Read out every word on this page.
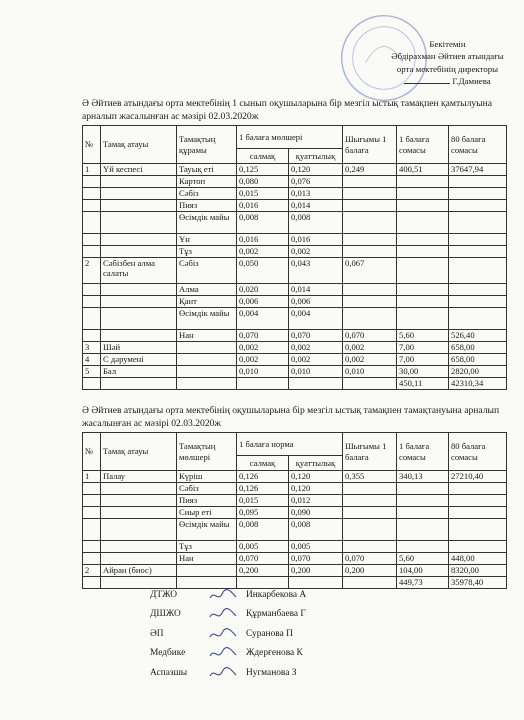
Бекітемін
Әбдірахман Әйтиев атындағы
орта мектебінің директоры
Г.Дамиева
Ә Әйтиев атындағы орта мектебінің 1 сынып оқушыларына бір мезгіл ыстық тамақпен қамтылуына арналып жасалынған ас мәзірі 02.03.2020ж
№	Тамақ атауы	Тамақтың құрамы	1 балаға мөлшері		Шығымы 1 балаға	1 балаға сомасы	80 балаға сомасы
			салмақ	қуаттылық			
1	Үй кеспесі	Тауық еті	0,125	0,120	0,249	400,51	37647,94
		Картоп	0,080	0,076			
		Сәбіз	0,015	0,013			
		Пияз	0,016	0,014			
		Өсімдік майы	0,008	0,008			
		Ұн	0,016	0,016			
		Тұз	0,002	0,002			
2	Сәбізбен алма салаты	Сәбіз	0,050	0,043	0,067		
		Алма	0,020	0,014			
		Қант	0,006	0,006			
		Өсімдік майы	0,004	0,004			
		Нан	0,070	0,070	0,070	5,60	526,40
3	Шәй		0,002	0,002	0,002	7,00	658,00
4	С дәрумені		0,002	0,002	0,002	7,00	658,00
5	Бал		0,010	0,010	0,010	30,00	2820,00
						450,11	42310,34
Ә Әйтиев атындағы орта мектебінің оқушыларына бір мезгіл ыстық тамақпен тамақтануына арналып жасалынған ас мәзірі 02.03.2020ж
№	Тамақ атауы	Тамақтың мөлшері	1 балаға норма		Шығымы 1 балаға	1 балаға сомасы	80 балаға сомасы
			салмақ	қуаттылық			
1	Палау	Күріш	0,126	0,120	0,355	340,13	27210,40
		Сәбіз	0,126	0,120			
		Пияз	0,015	0,012			
		Сиыр еті	0,095	0,090			
		Өсімдік майы	0,008	0,008			
		Тұз	0,005	0,005			
		Нан	0,070	0,070	0,070	5,60	448,00
2	Айран (биос)		0,200	0,200	0,200	104,00	8320,00
						449,73	35978,40
ДТЖО	Инкарбекова А
ДШЖО	Құрманбаева Г
ӘП	Суранова П
Медбике	Ждерғенова К
Аспазшы	Нугманова З
